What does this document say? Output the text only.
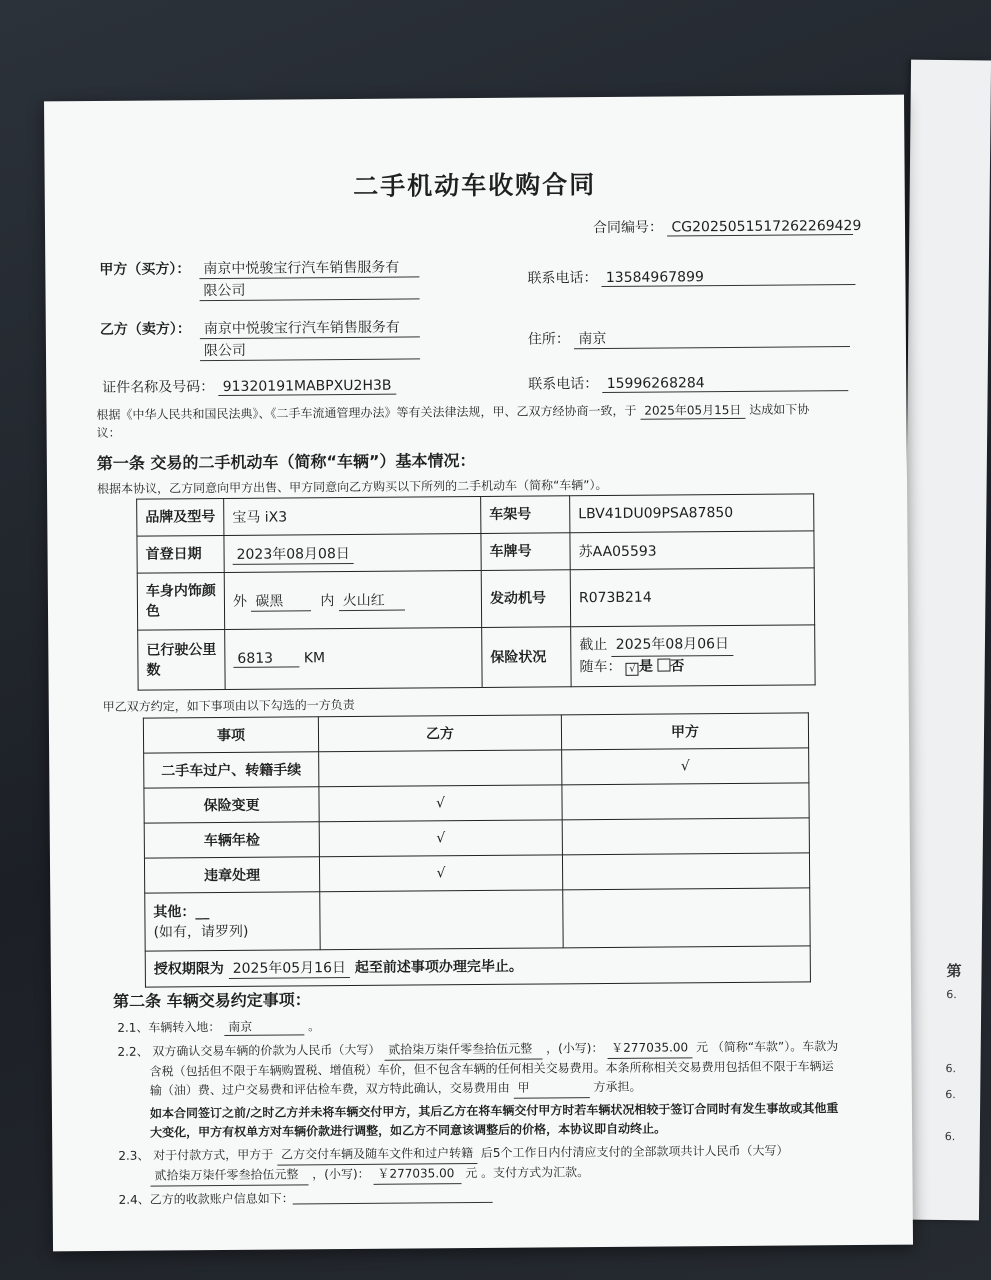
第
6.
6.
6.
6.
二手机动车收购合同
合同编号： CG2025051517262269429
甲方（买方）： 南京中悦骏宝行汽车销售服务有
限公司
联系电话： 13584967899
乙方（卖方）： 南京中悦骏宝行汽车销售服务有
限公司
住所： 南京
证件名称及号码： 91320191MABPXU2H3B	联系电话： 15996268284
根据《中华人民共和国民法典》、《二手车流通管理办法》等有关法律法规，甲、乙双方经协商一致，于 2025年05月15日 达成如下协
议：
第一条 交易的二手机动车（简称“车辆”）基本情况：
根据本协议，乙方同意向甲方出售、甲方同意向乙方购买以下所列的二手机动车（简称“车辆”）。
品牌及型号	宝马 iX3	车架号	LBV41DU09PSA87850
首登日期	2023年08月08日	车牌号	苏AA05593
车身内饰颜色	外 碳黑 内 火山红	发动机号	R073B214
已行驶公里数	6813 KM	保险状况	截止 2025年08月06日
随车： √ 是 否
甲乙双方约定，如下事项由以下勾选的一方负责
事项	乙方	甲方
二手车过户、转籍手续		√
保险变更	√	
车辆年检	√	
违章处理	√	
其他：__
(如有，请罗列)		
授权期限为 2025年05月16日 起至前述事项办理完毕止。		
第二条 车辆交易约定事项：
2.1、车辆转入地： 南京	。
2.2、 双方确认交易车辆的价款为人民币（大写） 贰拾柒万柒仟零叁拾伍元整 ，(小写)： ￥277035.00 元 （简称“车款”）。车款为
含税（包括但不限于车辆购置税、增值税）车价，但不包含车辆的任何相关交易费用。本条所称相关交易费用包括但不限于车辆运
输（油）费、过户交易费和评估检车费，双方特此确认，交易费用由 甲	方承担。
如本合同签订之前/之时乙方并未将车辆交付甲方，其后乙方在将车辆交付甲方时若车辆状况相较于签订合同时有发生事故或其他重
大变化，甲方有权单方对车辆价款进行调整，如乙方不同意该调整后的价格，本协议即自动终止。
2.3、 对于付款方式，甲方于 乙方交付车辆及随车文件和过户转籍 后5个工作日内付清应支付的全部款项共计人民币（大写）
贰拾柒万柒仟零叁拾伍元整 ，(小写)： ￥277035.00 元 。支付方式为汇款。
2.4、乙方的收款账户信息如下：
